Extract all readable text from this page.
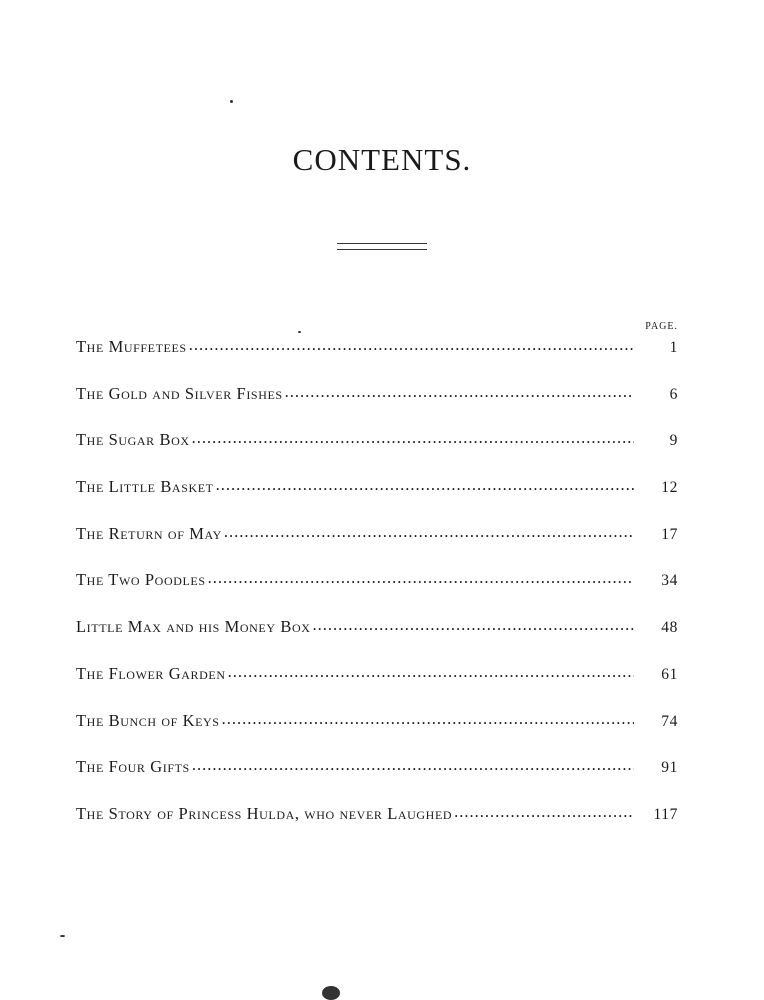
CONTENTS.
PAGE.
The Muffetees .....	1
The Gold and Silver Fishes .....	6
The Sugar Box .....	9
The Little Basket .....	12
The Return of May .....	17
The Two Poodles .....	34
Little Max and his Money Box .....	48
The Flower Garden .....	61
The Bunch of Keys .....	74
The Four Gifts .....	91
The Story of Princess Hulda, who never Laughed .....	117
